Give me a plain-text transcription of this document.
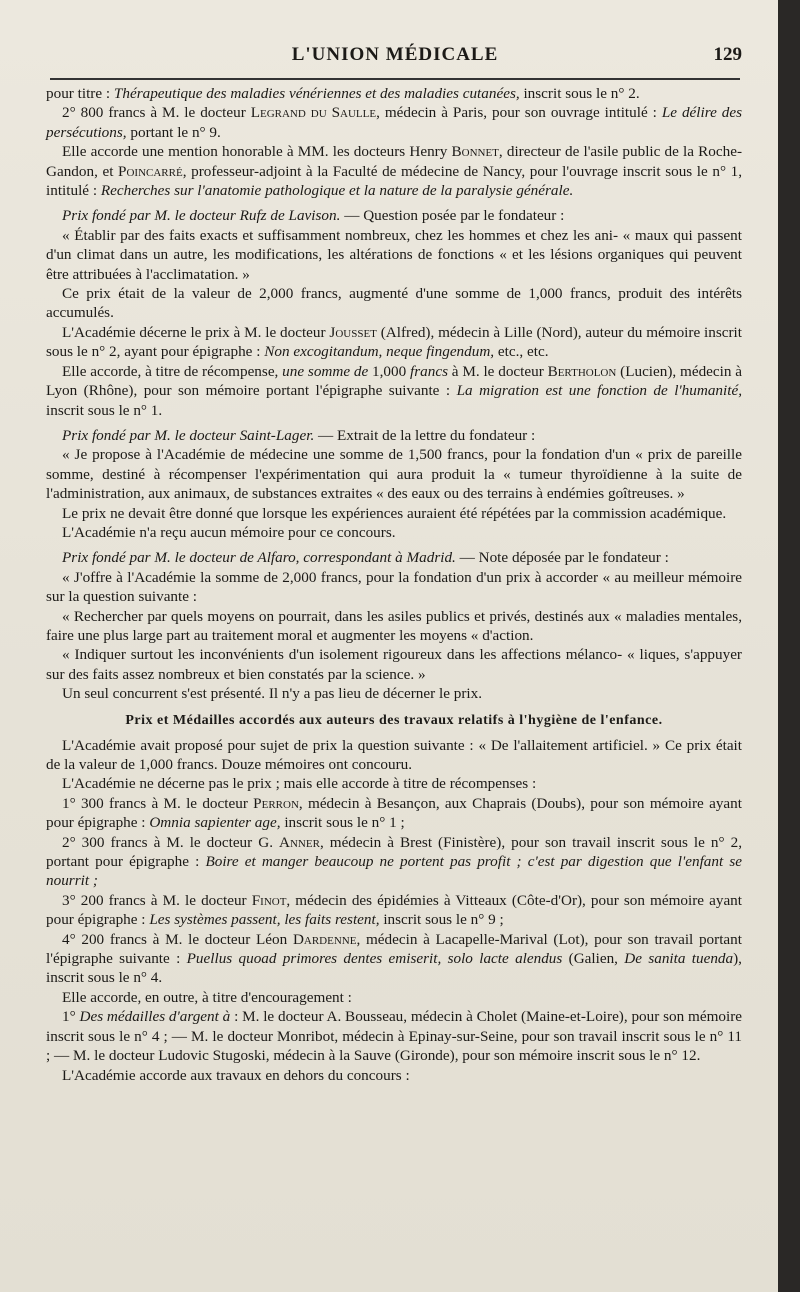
L'UNION MÉDICALE	129

pour titre : Thérapeutique des maladies vénériennes et des maladies cutanées, inscrit sous le n° 2.

2° 800 francs à M. le docteur Legrand du Saulle, médecin à Paris, pour son ouvrage intitulé : Le délire des persécutions, portant le n° 9.

Elle accorde une mention honorable à MM. les docteurs Henry Bonnet, directeur de l'asile public de la Roche-Gandon, et Poincarré, professeur-adjoint à la Faculté de médecine de Nancy, pour l'ouvrage inscrit sous le n° 1, intitulé : Recherches sur l'anatomie pathologique et la nature de la paralysie générale.

Prix fondé par M. le docteur Rufz de Lavison. — Question posée par le fondateur :

« Établir par des faits exacts et suffisamment nombreux, chez les hommes et chez les ani- « maux qui passent d'un climat dans un autre, les modifications, les altérations de fonctions « et les lésions organiques qui peuvent être attribuées à l'acclimatation. »

Ce prix était de la valeur de 2,000 francs, augmenté d'une somme de 1,000 francs, produit des intérêts accumulés.

L'Académie décerne le prix à M. le docteur Jousset (Alfred), médecin à Lille (Nord), auteur du mémoire inscrit sous le n° 2, ayant pour épigraphe : Non excogitandum, neque fingendum, etc., etc.

Elle accorde, à titre de récompense, une somme de 1,000 francs à M. le docteur Bertholon (Lucien), médecin à Lyon (Rhône), pour son mémoire portant l'épigraphe suivante : La migration est une fonction de l'humanité, inscrit sous le n° 1.

Prix fondé par M. le docteur Saint-Lager. — Extrait de la lettre du fondateur :

« Je propose à l'Académie de médecine une somme de 1,500 francs, pour la fondation d'un « prix de pareille somme, destiné à récompenser l'expérimentation qui aura produit la « tumeur thyroïdienne à la suite de l'administration, aux animaux, de substances extraites « des eaux ou des terrains à endémies goîtreuses. »

Le prix ne devait être donné que lorsque les expériences auraient été répétées par la commission académique.

L'Académie n'a reçu aucun mémoire pour ce concours.

Prix fondé par M. le docteur de Alfaro, correspondant à Madrid. — Note déposée par le fondateur :

« J'offre à l'Académie la somme de 2,000 francs, pour la fondation d'un prix à accorder « au meilleur mémoire sur la question suivante :

« Rechercher par quels moyens on pourrait, dans les asiles publics et privés, destinés aux « maladies mentales, faire une plus large part au traitement moral et augmenter les moyens « d'action.

« Indiquer surtout les inconvénients d'un isolement rigoureux dans les affections mélanco- « liques, s'appuyer sur des faits assez nombreux et bien constatés par la science. »

Un seul concurrent s'est présenté. Il n'y a pas lieu de décerner le prix.

Prix et Médailles accordés aux auteurs des travaux relatifs à l'hygiène de l'enfance.

L'Académie avait proposé pour sujet de prix la question suivante : « De l'allaitement artificiel. » Ce prix était de la valeur de 1,000 francs. Douze mémoires ont concouru.

L'Académie ne décerne pas le prix ; mais elle accorde à titre de récompenses :

1° 300 francs à M. le docteur Perron, médecin à Besançon, aux Chaprais (Doubs), pour son mémoire ayant pour épigraphe : Omnia sapienter age, inscrit sous le n° 1 ;

2° 300 francs à M. le docteur G. Anner, médecin à Brest (Finistère), pour son travail inscrit sous le n° 2, portant pour épigraphe : Boire et manger beaucoup ne portent pas profit ; c'est par digestion que l'enfant se nourrit ;

3° 200 francs à M. le docteur Finot, médecin des épidémies à Vitteaux (Côte-d'Or), pour son mémoire ayant pour épigraphe : Les systèmes passent, les faits restent, inscrit sous le n° 9 ;

4° 200 francs à M. le docteur Léon Dardenne, médecin à Lacapelle-Marival (Lot), pour son travail portant l'épigraphe suivante : Puellus quoad primores dentes emiserit, solo lacte alendus (Galien, De sanita tuenda), inscrit sous le n° 4.

Elle accorde, en outre, à titre d'encouragement :

1° Des médailles d'argent à : M. le docteur A. Bousseau, médecin à Cholet (Maine-et-Loire), pour son mémoire inscrit sous le n° 4 ; — M. le docteur Monribot, médecin à Epinay-sur-Seine, pour son travail inscrit sous le n° 11 ; — M. le docteur Ludovic Stugoski, médecin à la Sauve (Gironde), pour son mémoire inscrit sous le n° 12.

L'Académie accorde aux travaux en dehors du concours :
